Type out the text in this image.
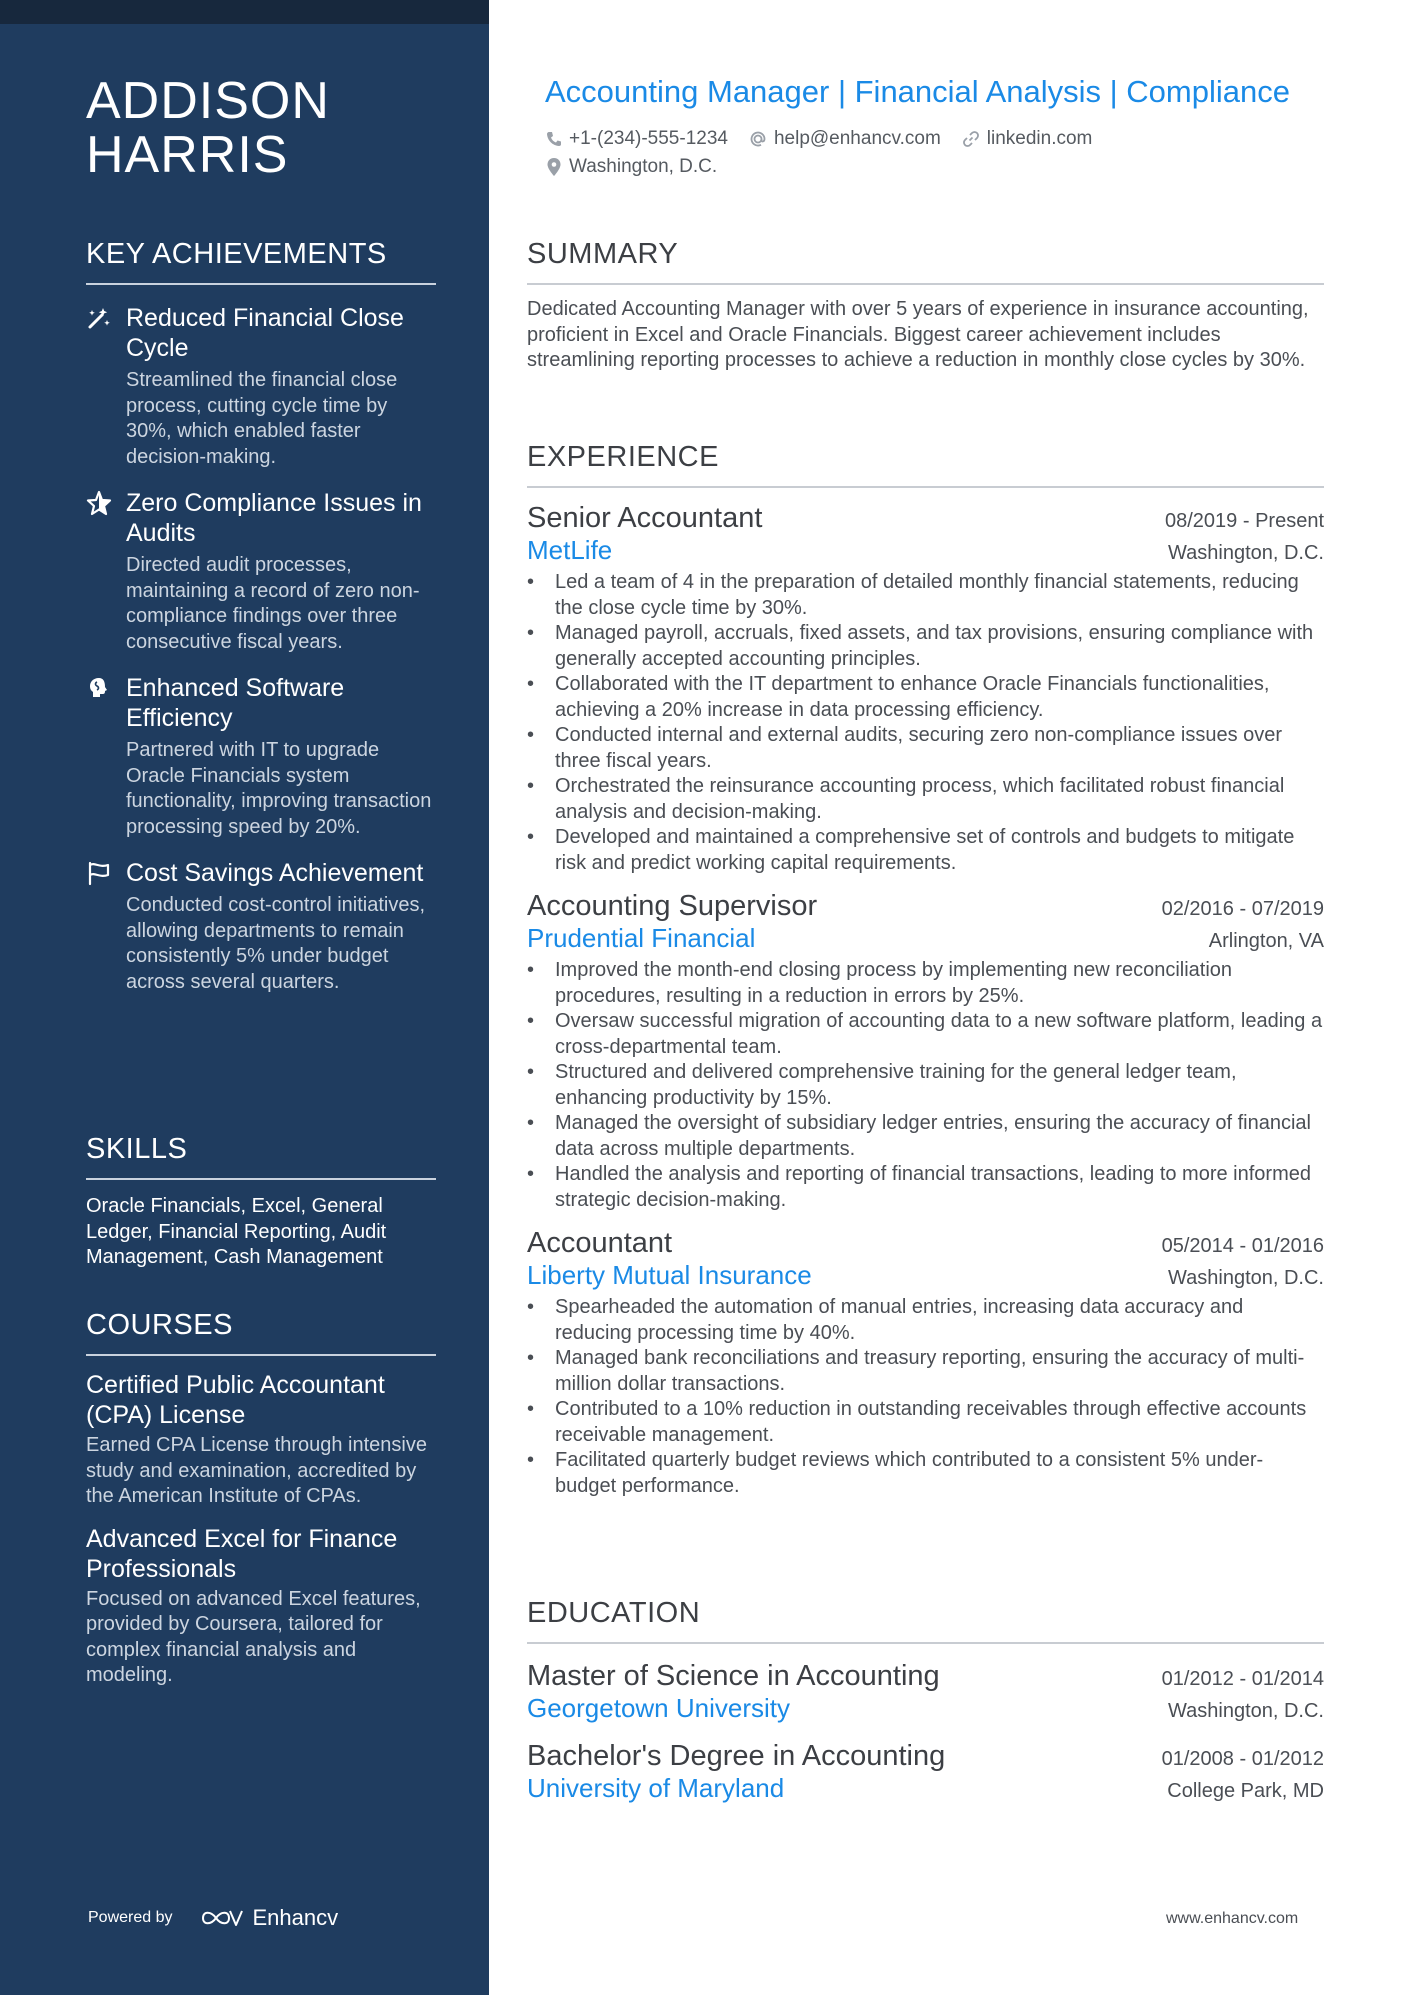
ADDISON HARRIS
KEY ACHIEVEMENTS
Reduced Financial Close Cycle
Streamlined the financial close process, cutting cycle time by 30%, which enabled faster decision-making.
Zero Compliance Issues in Audits
Directed audit processes, maintaining a record of zero non-compliance findings over three consecutive fiscal years.
Enhanced Software Efficiency
Partnered with IT to upgrade Oracle Financials system functionality, improving transaction processing speed by 20%.
Cost Savings Achievement
Conducted cost-control initiatives, allowing departments to remain consistently 5% under budget across several quarters.
SKILLS
Oracle Financials, Excel, General Ledger, Financial Reporting, Audit Management, Cash Management
COURSES
Certified Public Accountant (CPA) License
Earned CPA License through intensive study and examination, accredited by the American Institute of CPAs.
Advanced Excel for Finance Professionals
Focused on advanced Excel features, provided by Coursera, tailored for complex financial analysis and modeling.
Powered by	Enhancv
Accounting Manager | Financial Analysis | Compliance
+1-(234)-555-1234 help@enhancv.com linkedin.com
Washington, D.C.
SUMMARY
Dedicated Accounting Manager with over 5 years of experience in insurance accounting, proficient in Excel and Oracle Financials. Biggest career achievement includes streamlining reporting processes to achieve a reduction in monthly close cycles by 30%.
EXPERIENCE
Senior Accountant	08/2019 - Present
MetLife	Washington, D.C.
• Led a team of 4 in the preparation of detailed monthly financial statements, reducing the close cycle time by 30%.
• Managed payroll, accruals, fixed assets, and tax provisions, ensuring compliance with generally accepted accounting principles.
• Collaborated with the IT department to enhance Oracle Financials functionalities, achieving a 20% increase in data processing efficiency.
• Conducted internal and external audits, securing zero non-compliance issues over three fiscal years.
• Orchestrated the reinsurance accounting process, which facilitated robust financial analysis and decision-making.
• Developed and maintained a comprehensive set of controls and budgets to mitigate risk and predict working capital requirements.
Accounting Supervisor	02/2016 - 07/2019
Prudential Financial	Arlington, VA
• Improved the month-end closing process by implementing new reconciliation procedures, resulting in a reduction in errors by 25%.
• Oversaw successful migration of accounting data to a new software platform, leading a cross-departmental team.
• Structured and delivered comprehensive training for the general ledger team, enhancing productivity by 15%.
• Managed the oversight of subsidiary ledger entries, ensuring the accuracy of financial data across multiple departments.
• Handled the analysis and reporting of financial transactions, leading to more informed strategic decision-making.
Accountant	05/2014 - 01/2016
Liberty Mutual Insurance	Washington, D.C.
• Spearheaded the automation of manual entries, increasing data accuracy and reducing processing time by 40%.
• Managed bank reconciliations and treasury reporting, ensuring the accuracy of multi-million dollar transactions.
• Contributed to a 10% reduction in outstanding receivables through effective accounts receivable management.
• Facilitated quarterly budget reviews which contributed to a consistent 5% under-budget performance.
EDUCATION
Master of Science in Accounting	01/2012 - 01/2014
Georgetown University	Washington, D.C.
Bachelor's Degree in Accounting	01/2008 - 01/2012
University of Maryland	College Park, MD
www.enhancv.com
